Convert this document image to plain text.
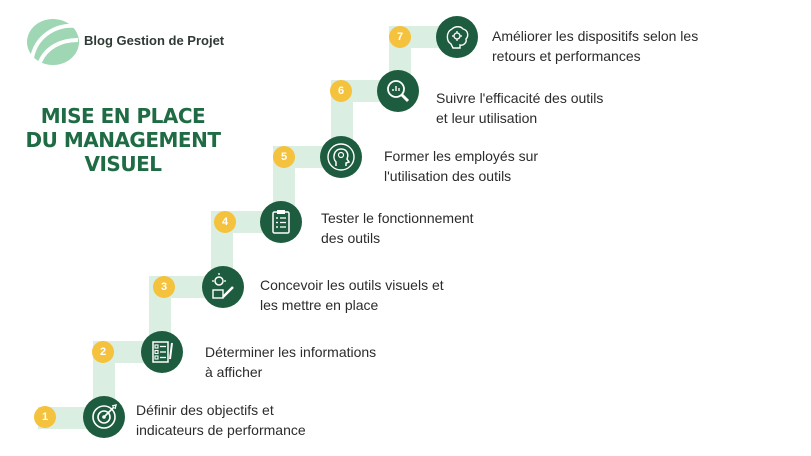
Blog Gestion de Projet
MISE EN PLACE
DU MANAGEMENT
VISUEL
1
2
3
4
5
6
7
Définir des objectifs et
indicateurs de performance
Déterminer les informations
à afficher
Concevoir les outils visuels et
les mettre en place
Tester le fonctionnement
des outils
Former les employés sur
l'utilisation des outils
Suivre l'efficacité des outils
et leur utilisation
Améliorer les dispositifs selon les
retours et performances
